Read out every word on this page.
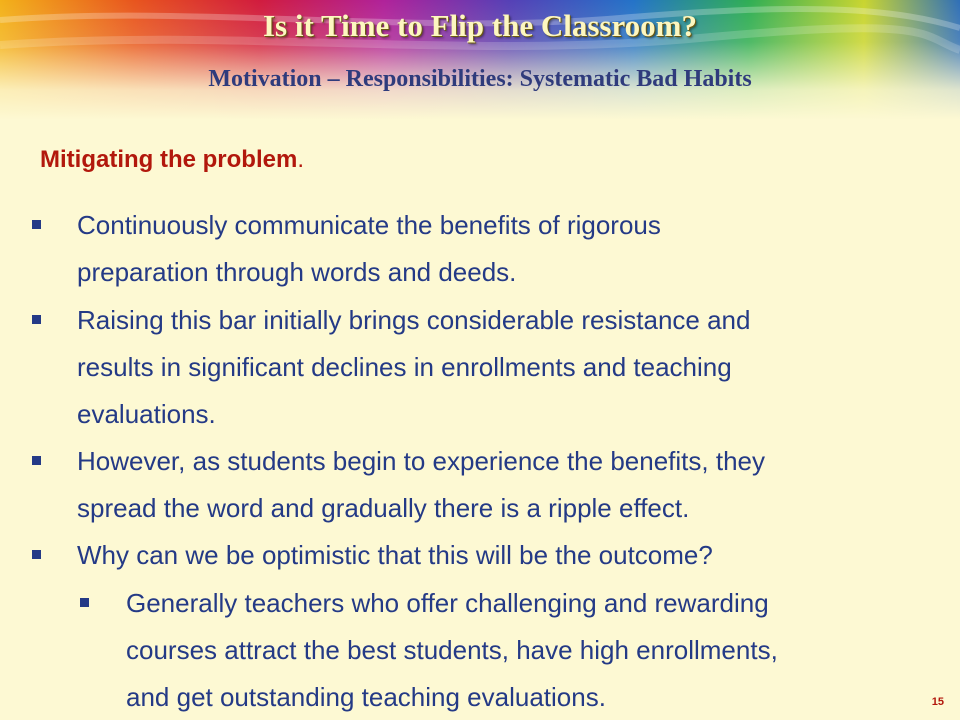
Is it Time to Flip the Classroom?
Motivation – Responsibilities: Systematic Bad Habits
Mitigating the problem.
Continuously communicate the benefits of rigorous
preparation through words and deeds.
Raising this bar initially brings considerable resistance and
results in significant declines in enrollments and teaching
evaluations.
However, as students begin to experience the benefits, they
spread the word and gradually there is a ripple effect.
Why can we be optimistic that this will be the outcome?
Generally teachers who offer challenging and rewarding
courses attract the best students, have high enrollments,
and get outstanding teaching evaluations.	15
